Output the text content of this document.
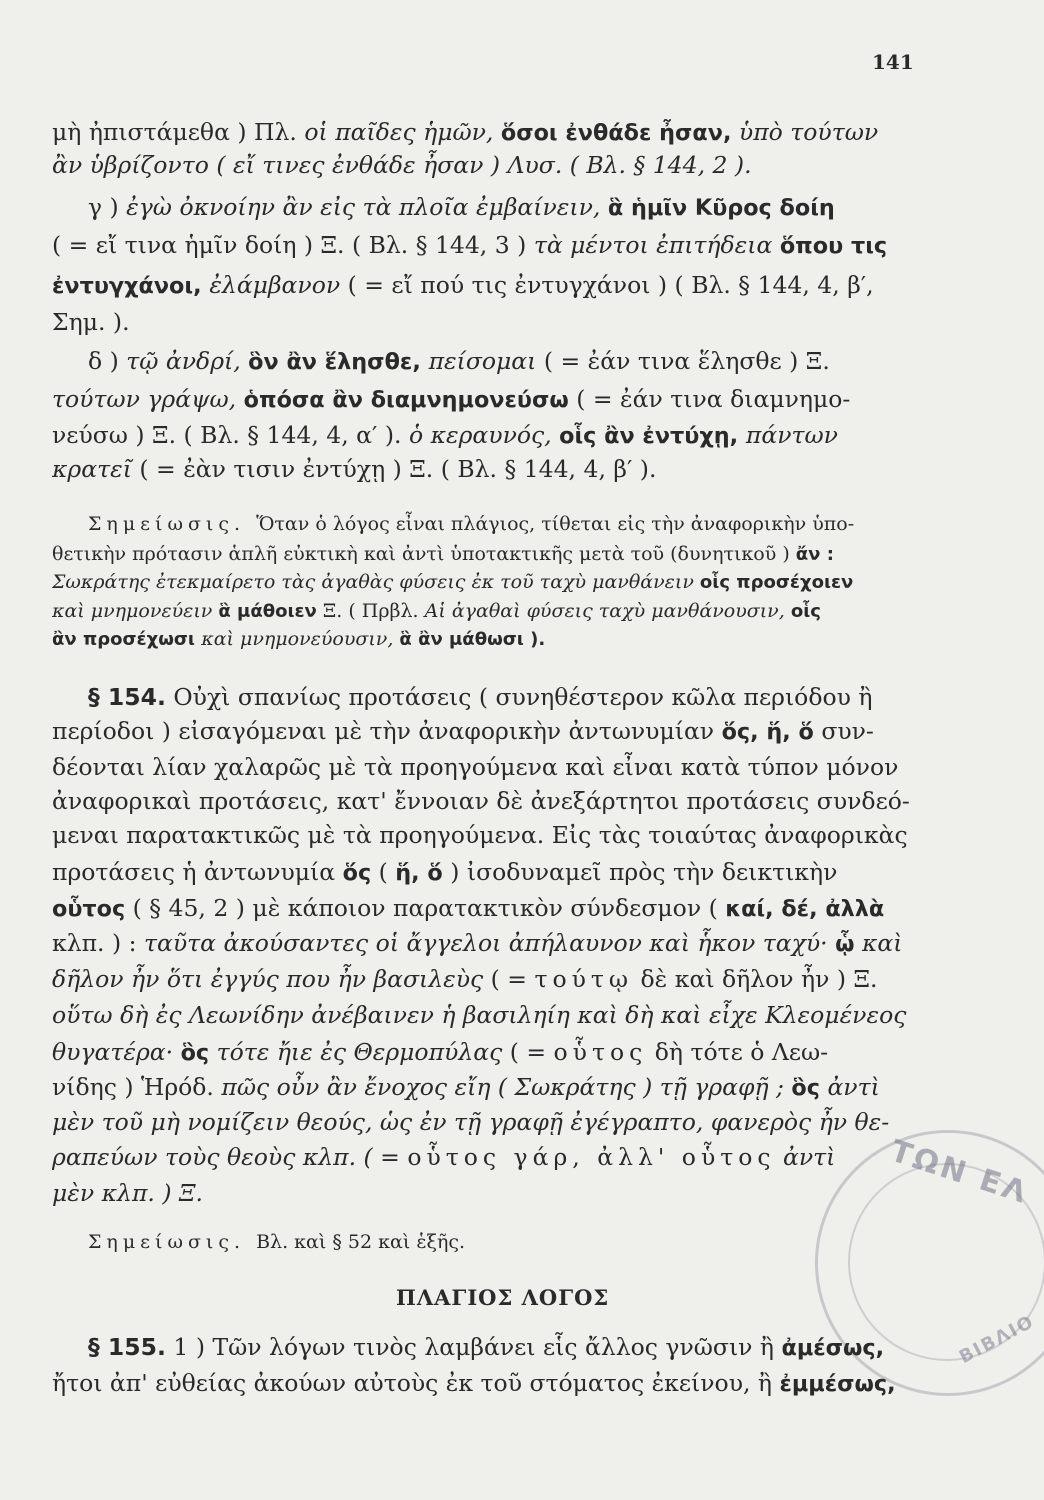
141
μὴ ἠπιστάμεθα ) Πλ. οἱ παῖδες ἡμῶν, ὅσοι ἐνθάδε ἦσαν, ὑπὸ τούτων
ἂν ὑβρίζοντο ( εἴ τινες ἐνθάδε ἦσαν ) Λυσ. ( Βλ. § 144, 2 ).
γ ) ἐγὼ ὀκνοίην ἂν εἰς τὰ πλοῖα ἐμβαίνειν, ἃ ἡμῖν Κῦρος δοίη
( = εἴ τινα ἡμῖν δοίη ) Ξ. ( Βλ. § 144, 3 ) τὰ μέντοι ἐπιτήδεια ὅπου τις
ἐντυγχάνοι, ἐλάμβανον ( = εἴ πού τις ἐντυγχάνοι ) ( Βλ. § 144, 4, β′,
Σημ. ).
δ ) τῷ ἀνδρί, ὃν ἂν ἕλησθε, πείσομαι ( = ἐάν τινα ἕλησθε ) Ξ.
τούτων γράψω, ὁπόσα ἂν διαμνημονεύσω ( = ἐάν τινα διαμνημο-
νεύσω ) Ξ. ( Βλ. § 144, 4, α′ ). ὁ κεραυνός, οἷς ἂν ἐντύχῃ, πάντων
κρατεῖ ( = ἐὰν τισιν ἐντύχῃ ) Ξ. ( Βλ. § 144, 4, β′ ).
Σημείωσις. Ὅταν ὁ λόγος εἶναι πλάγιος, τίθεται εἰς τὴν ἀναφορικὴν ὑπο-
θετικὴν πρότασιν ἁπλῆ εὐκτικὴ καὶ ἀντὶ ὑποτακτικῆς μετὰ τοῦ (δυνητικοῦ ) ἄν :
Σωκράτης ἐτεκμαίρετο τὰς ἀγαθὰς φύσεις ἐκ τοῦ ταχὺ μανθάνειν οἷς προσέχοιεν
καὶ μνημονεύειν ἃ μάθοιεν Ξ. ( Πρβλ. Αἱ ἀγαθαὶ φύσεις ταχὺ μανθάνουσιν, οἷς
ἂν προσέχωσι καὶ μνημονεύουσιν, ἃ ἂν μάθωσι ).
§ 154. Οὐχὶ σπανίως προτάσεις ( συνηθέστερον κῶλα περιόδου ἢ
περίοδοι ) εἰσαγόμεναι μὲ τὴν ἀναφορικὴν ἀντωνυμίαν ὅς, ἥ, ὅ συν-
δέονται λίαν χαλαρῶς μὲ τὰ προηγούμενα καὶ εἶναι κατὰ τύπον μόνον
ἀναφορικαὶ προτάσεις, κατ' ἔννοιαν δὲ ἀνεξάρτητοι προτάσεις συνδεό-
μεναι παρατακτικῶς μὲ τὰ προηγούμενα. Εἰς τὰς τοιαύτας ἀναφορικὰς
προτάσεις ἡ ἀντωνυμία ὅς ( ἥ, ὅ ) ἰσοδυναμεῖ πρὸς τὴν δεικτικὴν
οὗτος ( § 45, 2 ) μὲ κάποιον παρατακτικὸν σύνδεσμον ( καί, δέ, ἀλλὰ
κλπ. ) : ταῦτα ἀκούσαντες οἱ ἄγγελοι ἀπήλαυνον καὶ ἧκον ταχύ· ᾧ καὶ
δῆλον ἦν ὅτι ἐγγύς που ἦν βασιλεὺς ( = τούτῳ δὲ καὶ δῆλον ἦν ) Ξ.
οὕτω δὴ ἐς Λεωνίδην ἀνέβαινεν ἡ βασιληίη καὶ δὴ καὶ εἶχε Κλεομένεος
θυγατέρα· ὃς τότε ἤιε ἐς Θερμοπύλας ( = οὗτος δὴ τότε ὁ Λεω-
νίδης ) Ἡρόδ. πῶς οὖν ἂν ἔνοχος εἴη ( Σωκράτης ) τῇ γραφῇ ; ὃς ἀντὶ
μὲν τοῦ μὴ νομίζειν θεούς, ὡς ἐν τῇ γραφῇ ἐγέγραπτο, φανερὸς ἦν θε-
ραπεύων τοὺς θεοὺς κλπ. ( = οὗτος γάρ, ἀλλ' οὗτος ἀντὶ
μὲν κλπ. ) Ξ.
Σημείωσις. Βλ. καὶ § 52 καὶ ἑξῆς.
ΠΛΑΓΙΟΣ ΛΟΓΟΣ
§ 155. 1 ) Τῶν λόγων τινὸς λαμβάνει εἷς ἄλλος γνῶσιν ἢ ἀμέσως,
ἤτοι ἀπ' εὐθείας ἀκούων αὐτοὺς ἐκ τοῦ στόματος ἐκείνου, ἢ ἐμμέσως,
ΤΩΝ ΕΛ
ΒΙΒΛΙΟ
